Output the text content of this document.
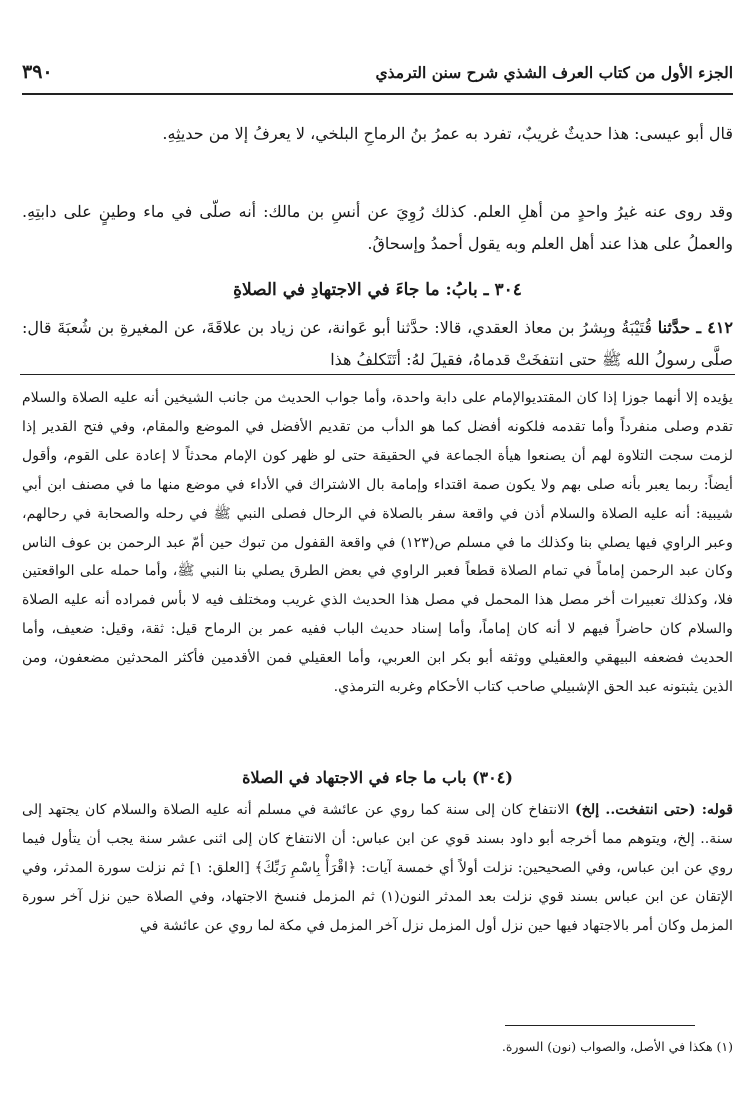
الجزء الأول من كتاب العرف الشذي شرح سنن الترمذي
٣٩٠
قال أبو عيسى: هذا حديثٌ غريبٌ، تفرد به عمرُ بنُ الرماحِ البلخي، لا يعرفُ إلا من حديثِهِ.
وقد روى عنه غيرُ واحدٍ من أهلِ العلم. كذلك رُوِيَ عن أنسِ بن مالك: أنه صلّى في ماء وطينٍ على دابتِهِ. والعملُ على هذا عند أهل العلم وبه يقول أحمدُ وإسحاقُ.
٣٠٤ ـ بابُ: ما جاءَ في الاجتهادِ في الصلاةِ
٤١٢ ـ حدَّثنا قُتَيْبَةُ وبِشرُ بن معاذ العقدي، قالا: حدَّثنا أبو عَوانة، عن زياد بن علاقَةَ، عن المغيرةِ بن شُعبَةَ قال: صلَّى رسولُ الله ﷺ حتى انتفخَتْ قدماهُ، فقيلَ لهُ: أتَتَكلفُ هذا
يؤيده إلا أنهما جوزا إذا كان المقتديوالإمام على دابة واحدة، وأما جواب الحديث من جانب الشيخين أنه عليه الصلاة والسلام تقدم وصلى منفرداً وأما تقدمه فلكونه أفضل كما هو الدأب من تقديم الأفضل في الموضع والمقام، وفي فتح القدير إذا لزمت سجت التلاوة لهم أن يصنعوا هيأة الجماعة في الحقيقة حتى لو ظهر كون الإمام محدثاً لا إعادة على القوم، وأقول أيضاً: ربما يعبر بأنه صلى بهم ولا يكون صمة اقتداء وإمامة بال الاشتراك في الأداء في موضع منها ما في مصنف ابن أبي شيبية: أنه عليه الصلاة والسلام أذن في واقعة سفر بالصلاة في الرحال فصلى النبي ﷺ في رحله والصحابة في رحالهم، وعبر الراوي فيها يصلي بنا وكذلك ما في مسلم ص(١٢٣) في واقعة القفول من تبوك حين أمّ عبد الرحمن بن عوف الناس وكان عبد الرحمن إماماً في تمام الصلاة قطعاً فعبر الراوي في بعض الطرق يصلي بنا النبي ﷺ، وأما حمله على الواقعتين فلا، وكذلك تعبيرات أخر مصل هذا المحمل في مصل هذا الحديث الذي غريب ومختلف فيه لا بأس فمراده أنه عليه الصلاة والسلام كان حاضراً فيهم لا أنه كان إماماً، وأما إسناد حديث الباب ففيه عمر بن الرماح قيل: ثقة، وقيل: ضعيف، وأما الحديث فضعفه البيهقي والعقيلي ووثقه أبو بكر ابن العربي، وأما العقيلي فمن الأقدمين فأكثر المحدثين مضعفون، ومن الذين يثبتونه عبد الحق الإشبيلي صاحب كتاب الأحكام وغربه الترمذي.
(٣٠٤) باب ما جاء في الاجتهاد في الصلاة
قوله: (حتى انتفخت.. إلخ) الانتفاخ كان إلى سنة كما روي عن عائشة في مسلم أنه عليه الصلاة والسلام كان يجتهد إلى سنة.. إلخ، ويتوهم مما أخرجه أبو داود بسند قوي عن ابن عباس: أن الانتفاخ كان إلى اثنى عشر سنة يجب أن يتأول فيما روي عن ابن عباس، وفي الصحيحين: نزلت أولاً أي خمسة آيات: ﴿اقْرَأْ بِاسْمِ رَبِّكَ﴾ [العلق: ١] ثم نزلت سورة المدثر، وفي الإتقان عن ابن عباس بسند قوي نزلت بعد المدثر النون(١) ثم المزمل فنسخ الاجتهاد، وفي الصلاة حين نزل آخر سورة المزمل وكان أمر بالاجتهاد فيها حين نزل أول المزمل نزل آخر المزمل في مكة لما روي عن عائشة في
(١) هكذا في الأصل، والصواب (نون) السورة.
